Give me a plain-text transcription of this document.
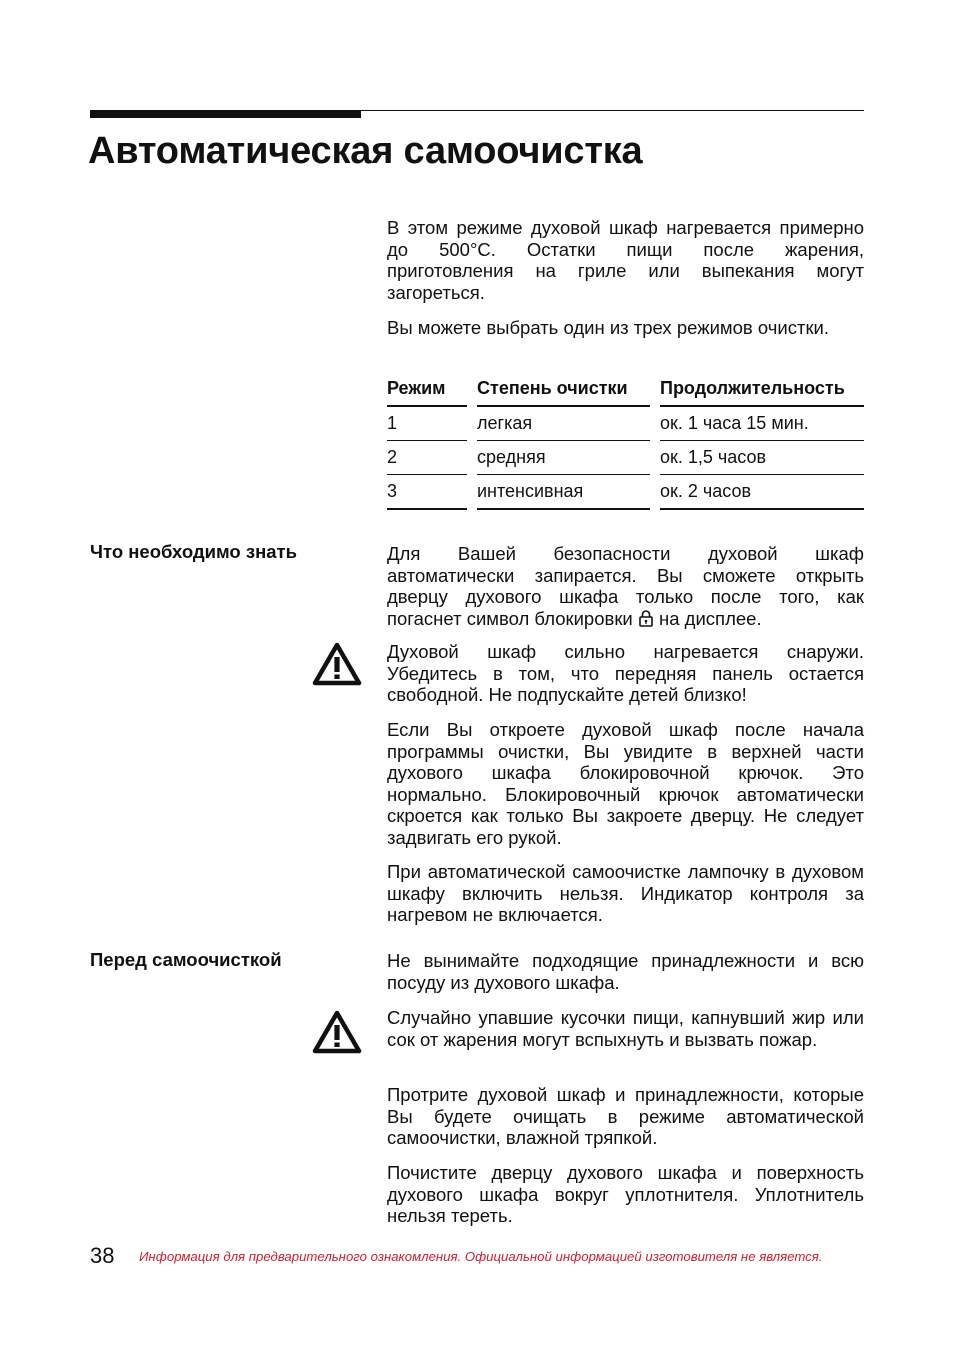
Автоматическая самоочистка

В этом режиме духовой шкаф нагревается примерно до 500°C. Остатки пищи после жарения, приготовления на гриле или выпекания могут загореться.

Вы можете выбрать один из трех режимов очистки.

Режим		Степень очистки		Продолжительность
1		легкая		ок. 1 часа 15 мин.
2		средняя		ок. 1,5 часов
3		интенсивная		ок. 2 часов
Что необходимо знать	Для Вашей безопасности духовой шкаф автоматически запирается. Вы сможете открыть дверцу духового шкафа только после того, как погаснет символ блокировки на дисплее.

Духовой шкаф сильно нагревается снаружи. Убедитесь в том, что передняя панель остается свободной. Не подпускайте детей близко!

Если Вы откроете духовой шкаф после начала программы очистки, Вы увидите в верхней части духового шкафа блокировочной крючок. Это нормально. Блокировочный крючок автоматически скроется как только Вы закроете дверцу. Не следует задвигать его рукой.

При автоматической самоочистке лампочку в духовом шкафу включить нельзя. Индикатор контроля за нагревом не включается.

Перед самоочисткой	Не вынимайте подходящие принадлежности и всю посуду из духового шкафа.

Случайно упавшие кусочки пищи, капнувший жир или сок от жарения могут вспыхнуть и вызвать пожар.

Протрите духовой шкаф и принадлежности, которые Вы будете очищать в режиме автоматической самоочистки, влажной тряпкой.

Почистите дверцу духового шкафа и поверхность духового шкафа вокруг уплотнителя. Уплотнитель нельзя тереть.

38 Информация для предварительного ознакомления. Официальной информацией изготовителя не является.
